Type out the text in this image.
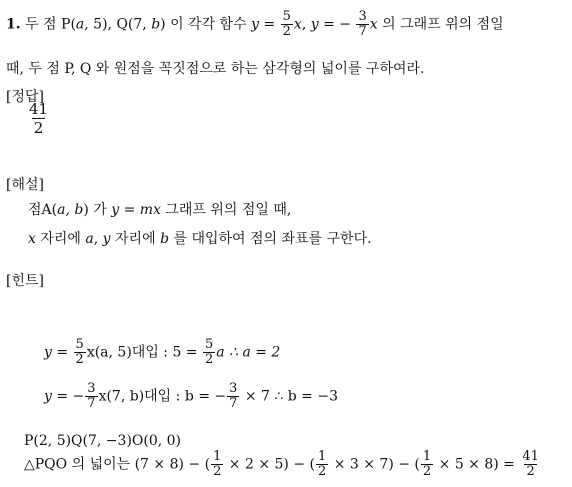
1. 두 점 P(a, 5), Q(7, b) 이 각각 함수 $y = \frac{5}{2} x$, y = − $\frac{3}{7}$ x 의 그래프 위의 점일
때, 두 점 P, Q 와 원점을 꼭짓점으로 하는 삼각형의 넓이를 구하여라.
[정답]
$\frac{41}{2}$
[해설]
점A(a, b) 가 y = mx 그래프 위의 점일 때,
x 자리에 a, y 자리에 b 를 대입하여 점의 좌표를 구한다.
[힌트]
$y = \frac{5}{2} x(a$, 5)대입 : $5 = \frac{5}{2}$ a ∴ a = 2
y = − $\frac{3}{7} x(7$, b)대입 : b = − $\frac{3}{7} \times 7$ ∴ b = −3
P(2, 5)Q(7, −3)O(0, 0)
△PQO 의 넓이는 (7 × 8) − ( $\frac{1}{2} \times 2 \times 5$) − ( $\frac{1}{2} \times 3 \times 7$) − ( $\frac{1}{2} \times 5 \times 8) = \frac{41}{2}$
